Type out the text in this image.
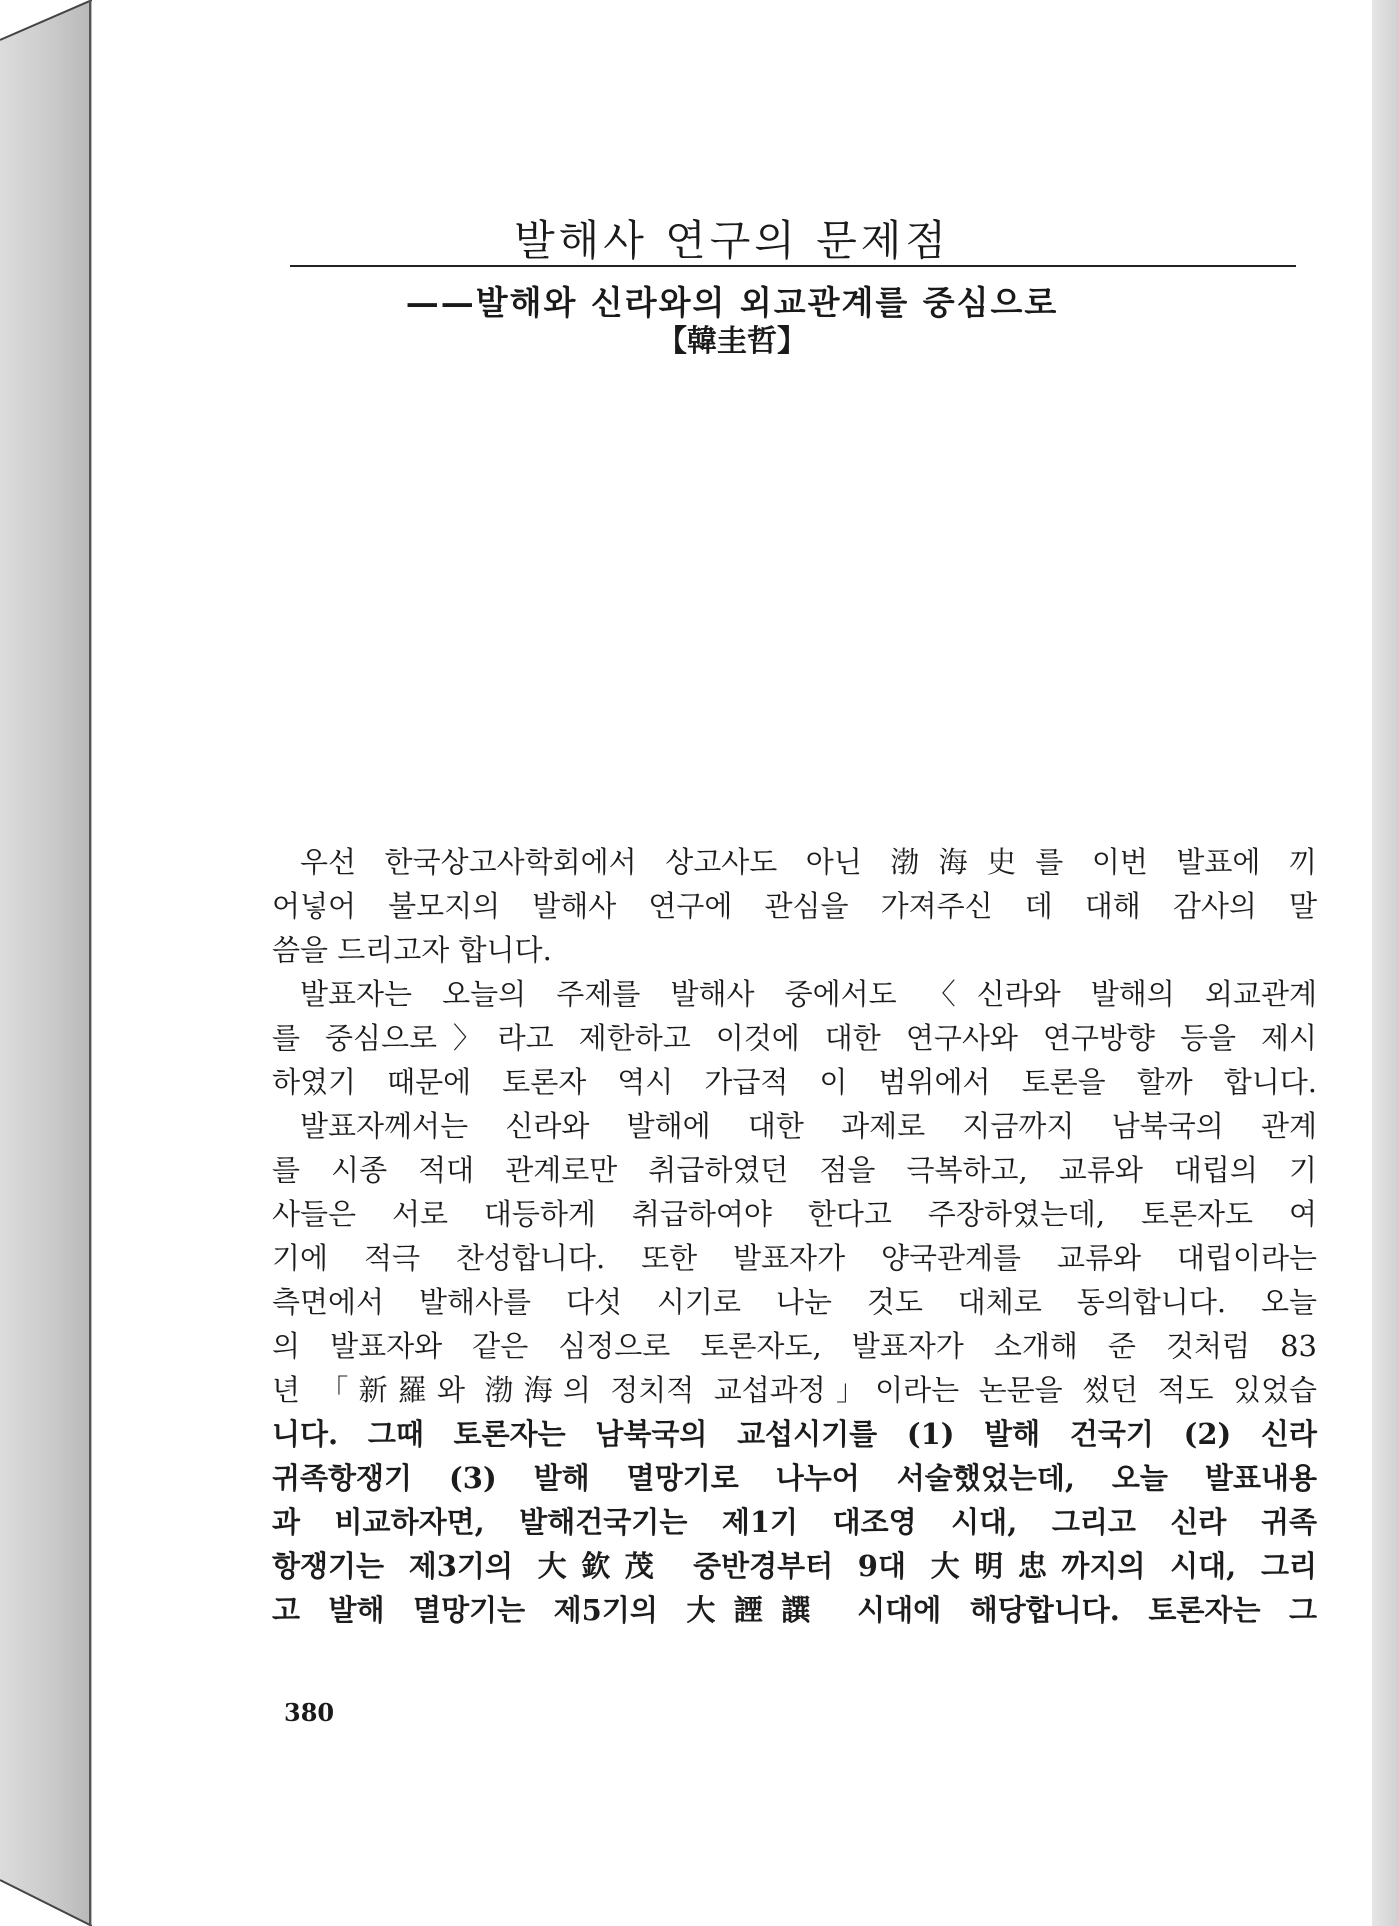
발해사 연구의 문제점
——발해와 신라와의 외교관계를 중심으로
【韓圭哲】
우선 한국상고사학회에서 상고사도 아닌 渤海史를 이번 발표에 끼
어넣어 불모지의 발해사 연구에 관심을 가져주신 데 대해 감사의 말
씀을 드리고자 합니다.
발표자는 오늘의 주제를 발해사 중에서도 〈신라와 발해의 외교관계
를 중심으로〉라고 제한하고 이것에 대한 연구사와 연구방향 등을 제시
하였기 때문에 토론자 역시 가급적 이 범위에서 토론을 할까 합니다.
발표자께서는 신라와 발해에 대한 과제로 지금까지 남북국의 관계
를 시종 적대 관계로만 취급하였던 점을 극복하고, 교류와 대립의 기
사들은 서로 대등하게 취급하여야 한다고 주장하였는데, 토론자도 여
기에 적극 찬성합니다. 또한 발표자가 양국관계를 교류와 대립이라는
측면에서 발해사를 다섯 시기로 나눈 것도 대체로 동의합니다. 오늘
의 발표자와 같은 심정으로 토론자도, 발표자가 소개해 준 것처럼 83
년 「新羅와 渤海의 정치적 교섭과정」이라는 논문을 썼던 적도 있었습
니다. 그때 토론자는 남북국의 교섭시기를 (1) 발해 건국기 (2) 신라
귀족항쟁기 (3) 발해 멸망기로 나누어 서술했었는데, 오늘 발표내용
과 비교하자면, 발해건국기는 제1기 대조영 시대, 그리고 신라 귀족
항쟁기는 제3기의 大欽茂 중반경부터 9대 大明忠까지의 시대, 그리
고 발해 멸망기는 제5기의 大諲譔 시대에 해당합니다. 토론자는 그
380
